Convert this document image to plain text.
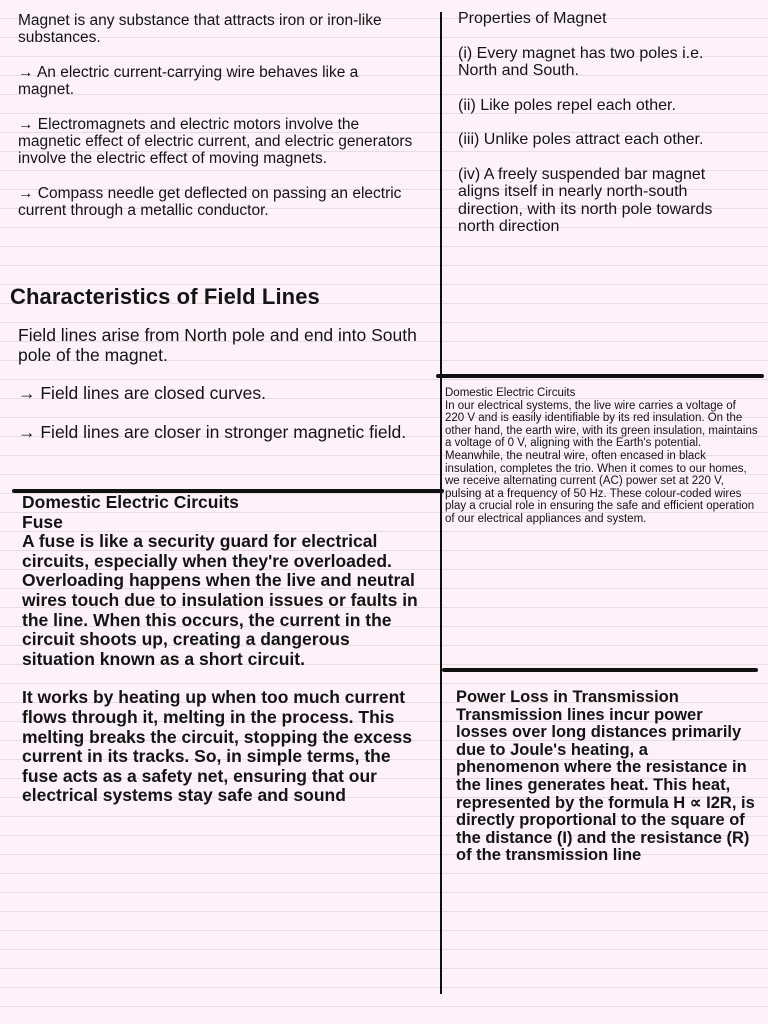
Magnet is any substance that attracts iron or iron-like substances.

→ An electric current-carrying wire behaves like a magnet.

→ Electromagnets and electric motors involve the magnetic effect of electric current, and electric generators involve the electric effect of moving magnets.

→ Compass needle get deflected on passing an electric current through a metallic conductor.

Properties of Magnet

(i) Every magnet has two poles i.e. North and South.

(ii) Like poles repel each other.

(iii) Unlike poles attract each other.

(iv) A freely suspended bar magnet aligns itself in nearly north-south direction, with its north pole towards north direction

Characteristics of Field Lines

Field lines arise from North pole and end into South pole of the magnet.

→ Field lines are closed curves.

→ Field lines are closer in stronger magnetic field.

Domestic Electric Circuits
In our electrical systems, the live wire carries a voltage of 220 V and is easily identifiable by its red insulation. On the other hand, the earth wire, with its green insulation, maintains a voltage of 0 V, aligning with the Earth's potential. Meanwhile, the neutral wire, often encased in black insulation, completes the trio. When it comes to our homes, we receive alternating current (AC) power set at 220 V, pulsing at a frequency of 50 Hz. These colour-coded wires play a crucial role in ensuring the safe and efficient operation of our electrical appliances and system.
Domestic Electric Circuits
Fuse

A fuse is like a security guard for electrical circuits, especially when they're overloaded. Overloading happens when the live and neutral wires touch due to insulation issues or faults in the line. When this occurs, the current in the circuit shoots up, creating a dangerous situation known as a short circuit.

It works by heating up when too much current flows through it, melting in the process. This melting breaks the circuit, stopping the excess current in its tracks. So, in simple terms, the fuse acts as a safety net, ensuring that our electrical systems stay safe and sound

Power Loss in Transmission
Transmission lines incur power losses over long distances primarily due to Joule's heating, a phenomenon where the resistance in the lines generates heat. This heat, represented by the formula H ∝ I2R, is directly proportional to the square of the distance (I) and the resistance (R) of the transmission line
